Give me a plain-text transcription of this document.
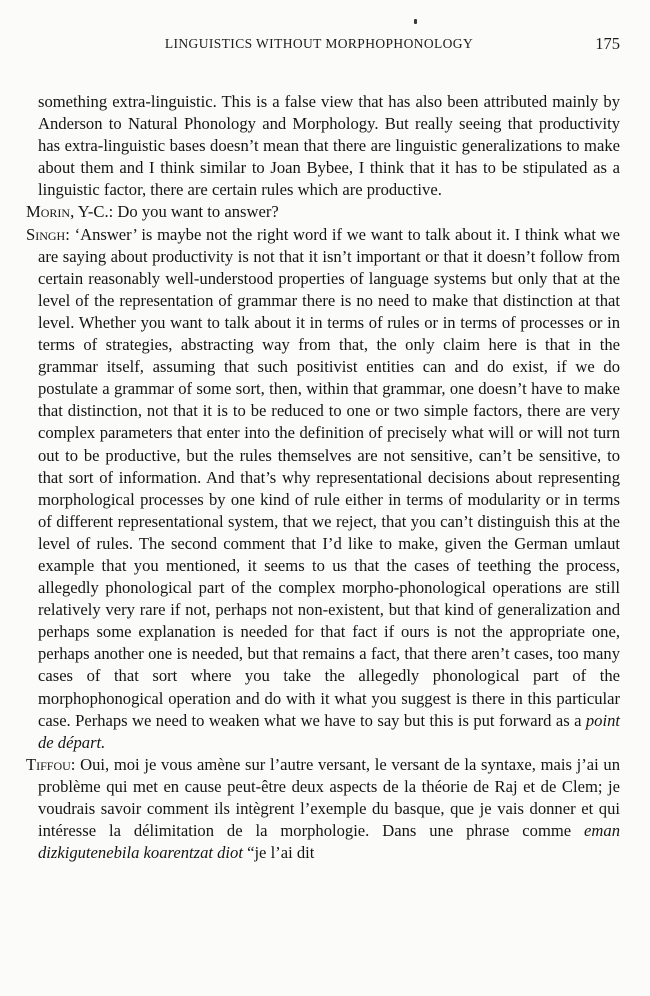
LINGUISTICS WITHOUT MORPHOPHONOLOGY	175
something extra-linguistic. This is a false view that has also been attributed mainly by Anderson to Natural Phonology and Morphology. But really seeing that productivity has extra-linguistic bases doesn’t mean that there are linguistic generalizations to make about them and I think similar to Joan Bybee, I think that it has to be stipulated as a linguistic factor, there are certain rules which are productive.
Morin, Y-C.: Do you want to answer?
Singh: ‘Answer’ is maybe not the right word if we want to talk about it. I think what we are saying about productivity is not that it isn’t important or that it doesn’t follow from certain reasonably well-understood properties of language systems but only that at the level of the representation of grammar there is no need to make that distinction at that level. Whether you want to talk about it in terms of rules or in terms of processes or in terms of strategies, abstracting way from that, the only claim here is that in the grammar itself, assuming that such positivist entities can and do exist, if we do postulate a grammar of some sort, then, within that grammar, one doesn’t have to make that distinction, not that it is to be reduced to one or two simple factors, there are very complex parameters that enter into the definition of precisely what will or will not turn out to be productive, but the rules themselves are not sensitive, can’t be sensitive, to that sort of information. And that’s why representational decisions about representing morphological processes by one kind of rule either in terms of modularity or in terms of different representational system, that we reject, that you can’t distinguish this at the level of rules. The second comment that I’d like to make, given the German umlaut example that you mentioned, it seems to us that the cases of teething the process, allegedly phonological part of the complex morpho-phonological operations are still relatively very rare if not, perhaps not non-existent, but that kind of generalization and perhaps some explanation is needed for that fact if ours is not the appropriate one, perhaps another one is needed, but that remains a fact, that there aren’t cases, too many cases of that sort where you take the allegedly phonological part of the morphophonogical operation and do with it what you suggest is there in this particular case. Perhaps we need to weaken what we have to say but this is put forward as a point de départ.
Tiffou: Oui, moi je vous amène sur l’autre versant, le versant de la syntaxe, mais j’ai un problème qui met en cause peut-être deux aspects de la théorie de Raj et de Clem; je voudrais savoir comment ils intègrent l’exemple du basque, que je vais donner et qui intéresse la délimitation de la morphologie. Dans une phrase comme eman dizkigutenebila koarentzat diot “je l’ai dit
